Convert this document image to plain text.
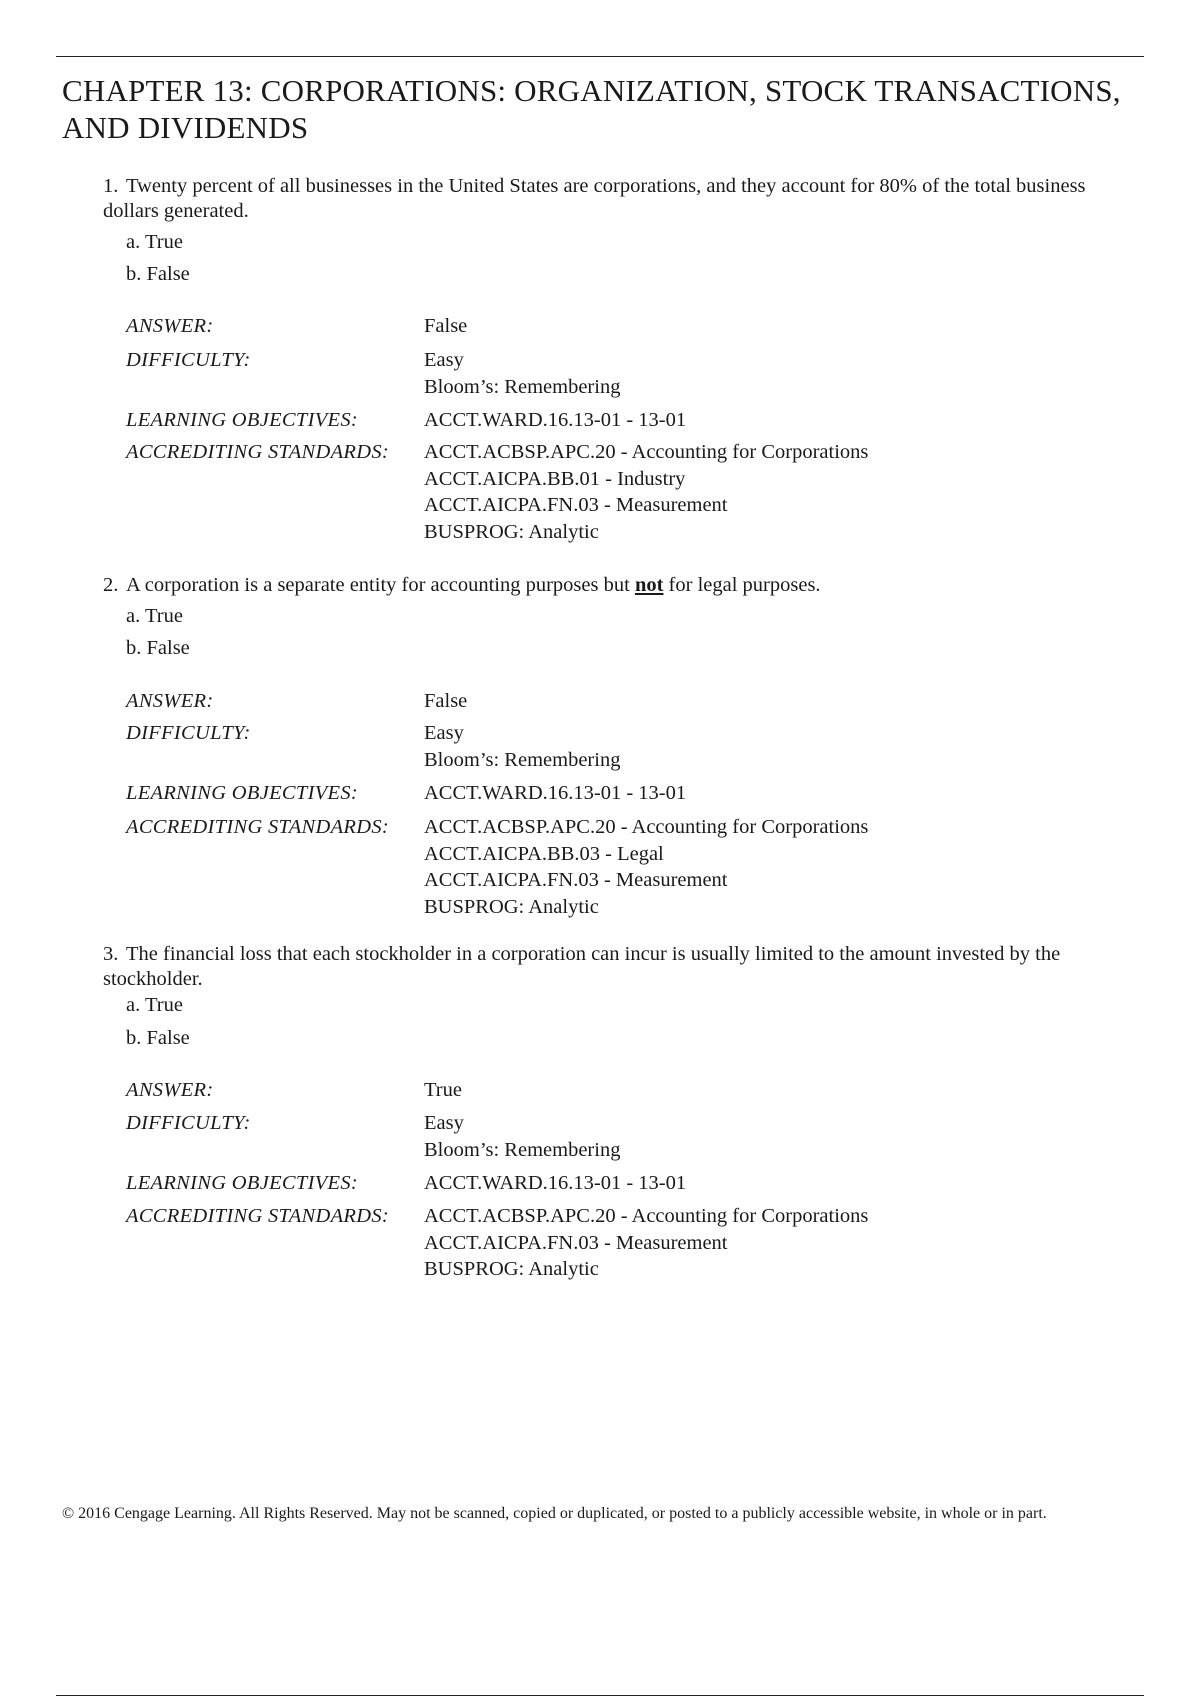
CHAPTER 13: CORPORATIONS: ORGANIZATION, STOCK TRANSACTIONS, AND DIVIDENDS
1. Twenty percent of all businesses in the United States are corporations, and they account for 80% of the total business dollars generated.
a. True
b. False
ANSWER:	False
DIFFICULTY:	Easy
Bloom’s: Remembering
LEARNING OBJECTIVES:	ACCT.WARD.16.13-01 - 13-01
ACCREDITING STANDARDS: ACCT.ACBSP.APC.20 - Accounting for Corporations
ACCT.AICPA.BB.01 - Industry
ACCT.AICPA.FN.03 - Measurement
BUSPROG: Analytic
2. A corporation is a separate entity for accounting purposes but not for legal purposes.
a. True
b. False
ANSWER:	False
DIFFICULTY:	Easy
Bloom’s: Remembering
LEARNING OBJECTIVES:	ACCT.WARD.16.13-01 - 13-01
ACCREDITING STANDARDS: ACCT.ACBSP.APC.20 - Accounting for Corporations
ACCT.AICPA.BB.03 - Legal
ACCT.AICPA.FN.03 - Measurement
BUSPROG: Analytic
3. The financial loss that each stockholder in a corporation can incur is usually limited to the amount invested by the stockholder.
a. True
b. False
ANSWER:	True
DIFFICULTY:	Easy
Bloom’s: Remembering
LEARNING OBJECTIVES:	ACCT.WARD.16.13-01 - 13-01
ACCREDITING STANDARDS: ACCT.ACBSP.APC.20 - Accounting for Corporations
ACCT.AICPA.FN.03 - Measurement
BUSPROG: Analytic
© 2016 Cengage Learning. All Rights Reserved. May not be scanned, copied or duplicated, or posted to a publicly accessible website, in whole or in part.
